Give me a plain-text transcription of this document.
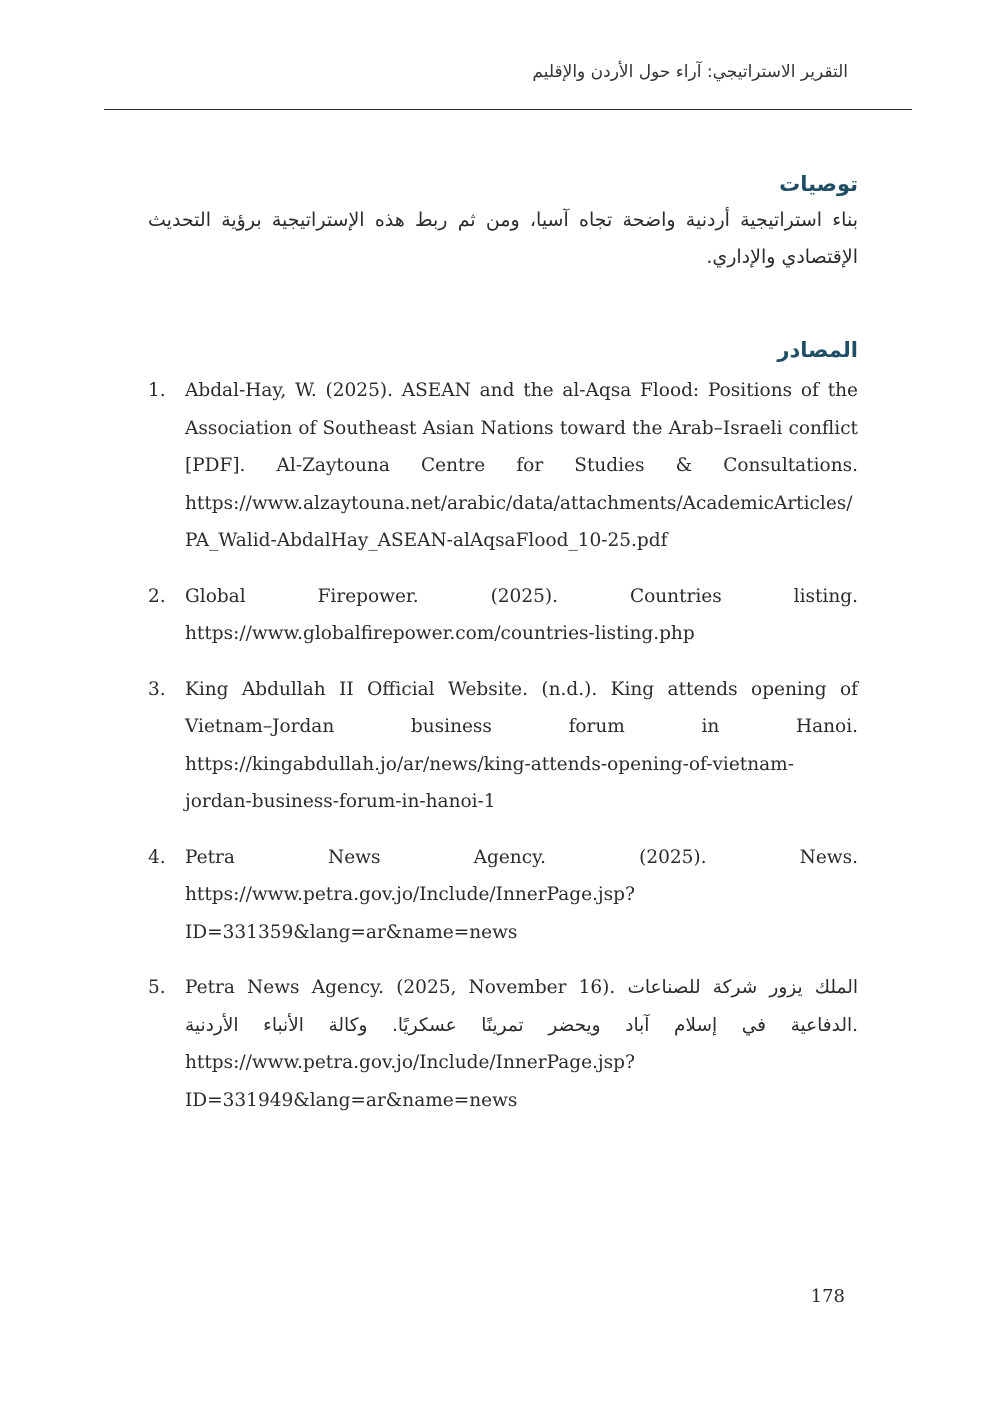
التقرير الاستراتيجي: آراء حول الأردن والإقليم
توصيات

بناء استراتيجية أردنية واضحة تجاه آسيا، ومن ثم ربط هذه الإستراتيجية برؤية التحديث الإقتصادي والإداري.

المصادر
1. Abdal-Hay, W. (2025). ASEAN and the al-Aqsa Flood: Positions of the Association of Southeast Asian Nations toward the Arab–Israeli conflict [PDF]. Al-Zaytouna Centre for Studies & Consultations. https://www.alzaytouna.net/arabic/data/attachments/AcademicArticles/PA_Walid-AbdalHay_ASEAN-alAqsaFlood_10-25.pdf
2. Global Firepower. (2025). Countries listing. https://www.globalfirepower.com/countries-listing.php
3. King Abdullah II Official Website. (n.d.). King attends opening of Vietnam–Jordan business forum in Hanoi. https://kingabdullah.jo/ar/news/king-attends-opening-of-vietnam-jordan-business-forum-in-hanoi-1
4. Petra News Agency. (2025). News. https://www.petra.gov.jo/Include/InnerPage.jsp?ID=331359&lang=ar&name=news
5. Petra News Agency. (2025, November 16). الملك يزور شركة للصناعات الدفاعية في إسلام آباد ويحضر تمرينًا عسكريًا. وكالة الأنباء الأردنية. https://www.petra.gov.jo/Include/InnerPage.jsp?ID=331949&lang=ar&name=news
178
